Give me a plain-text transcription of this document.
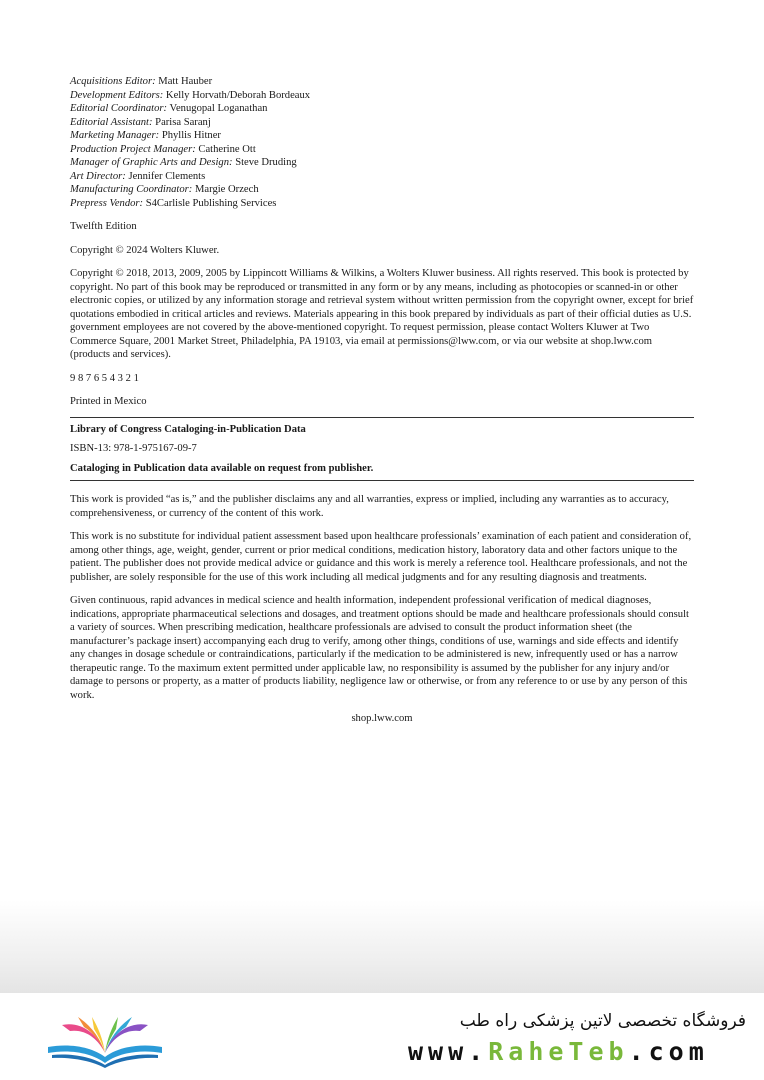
Acquisitions Editor: Matt Hauber
Development Editors: Kelly Horvath/Deborah Bordeaux
Editorial Coordinator: Venugopal Loganathan
Editorial Assistant: Parisa Saranj
Marketing Manager: Phyllis Hitner
Production Project Manager: Catherine Ott
Manager of Graphic Arts and Design: Steve Druding
Art Director: Jennifer Clements
Manufacturing Coordinator: Margie Orzech
Prepress Vendor: S4Carlisle Publishing Services

Twelfth Edition

Copyright © 2024 Wolters Kluwer.

Copyright © 2018, 2013, 2009, 2005 by Lippincott Williams & Wilkins, a Wolters Kluwer business. All rights reserved. This book is protected by copyright. No part of this book may be reproduced or transmitted in any form or by any means, including as photocopies or scanned-in or other electronic copies, or utilized by any information storage and retrieval system without written permission from the copyright owner, except for brief quotations embodied in critical articles and reviews. Materials appearing in this book prepared by individuals as part of their official duties as U.S. government employees are not covered by the above-mentioned copyright. To request permission, please contact Wolters Kluwer at Two Commerce Square, 2001 Market Street, Philadelphia, PA 19103, via email at permissions@lww.com, or via our website at shop.lww.com (products and services).

9 8 7 6 5 4 3 2 1

Printed in Mexico

Library of Congress Cataloging-in-Publication Data

ISBN-13: 978-1-975167-09-7

Cataloging in Publication data available on request from publisher.

This work is provided “as is,” and the publisher disclaims any and all warranties, express or implied, including any warranties as to accuracy, comprehensiveness, or currency of the content of this work.

This work is no substitute for individual patient assessment based upon healthcare professionals’ examination of each patient and consideration of, among other things, age, weight, gender, current or prior medical conditions, medication history, laboratory data and other factors unique to the patient. The publisher does not provide medical advice or guidance and this work is merely a reference tool. Healthcare professionals, and not the publisher, are solely responsible for the use of this work including all medical judgments and for any resulting diagnosis and treatments.

Given continuous, rapid advances in medical science and health information, independent professional verification of medical diagnoses, indications, appropriate pharmaceutical selections and dosages, and treatment options should be made and healthcare professionals should consult a variety of sources. When prescribing medication, healthcare professionals are advised to consult the product information sheet (the manufacturer’s package insert) accompanying each drug to verify, among other things, conditions of use, warnings and side effects and identify any changes in dosage schedule or contraindications, particularly if the medication to be administered is new, infrequently used or has a narrow therapeutic range. To the maximum extent permitted under applicable law, no responsibility is assumed by the publisher for any injury and/or damage to persons or property, as a matter of products liability, negligence law or otherwise, or from any reference to or use by any person of this work.

shop.lww.com

فروشگاه تخصصی لاتین پزشکی راه طب
www.RaheTeb.com
